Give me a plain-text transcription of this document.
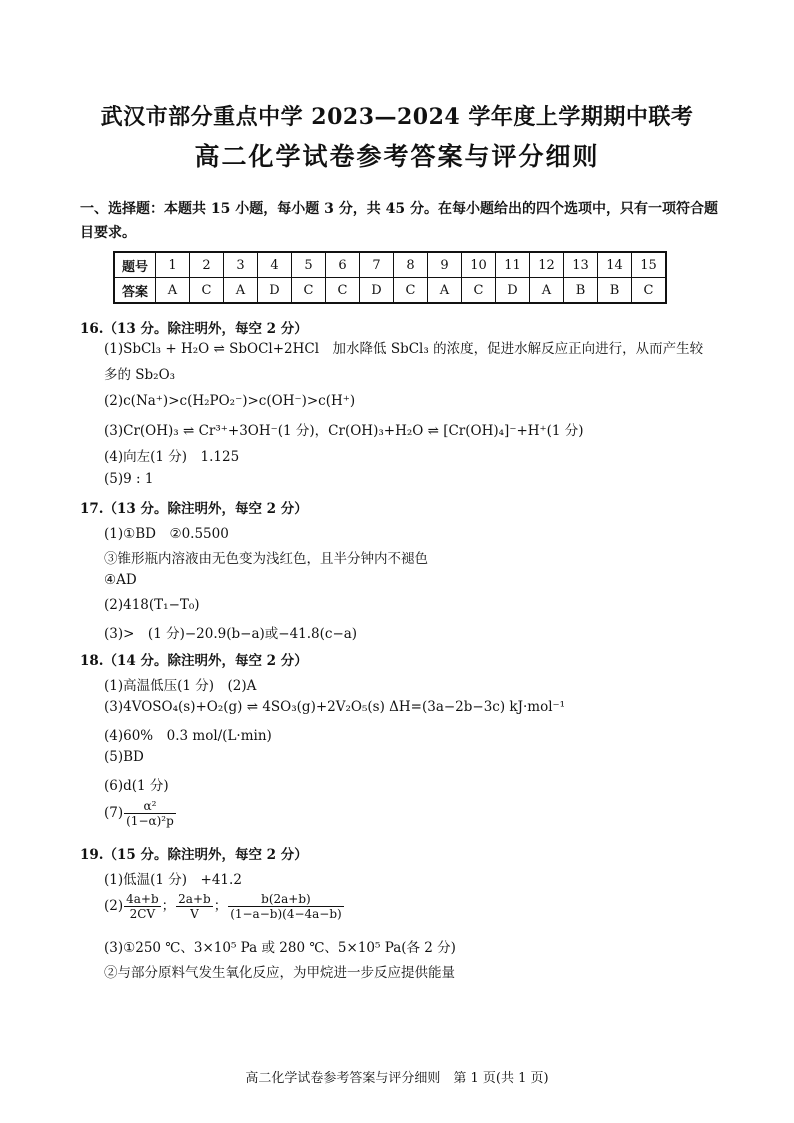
武汉市部分重点中学 2023—2024 学年度上学期期中联考
高二化学试卷参考答案与评分细则
一、选择题：本题共 15 小题，每小题 3 分，共 45 分。在每小题给出的四个选项中，只有一项符合题目要求。
题号	1	2	3	4	5	6	7	8	9	10	11	12	13	14	15
答案	A	C	A	D	C	C	D	C	A	C	D	A	B	B	C
16.（13 分。除注明外，每空 2 分）
(1)SbCl₃ + H₂O ⇌ SbOCl+2HCl　加水降低 SbCl₃ 的浓度，促进水解反应正向进行，从而产生较多的 Sb₂O₃
(2)c(Na⁺)>c(H₂PO₂⁻)>c(OH⁻)>c(H⁺)
(3)Cr(OH)₃ ⇌ Cr³⁺+3OH⁻(1 分)，Cr(OH)₃+H₂O ⇌ [Cr(OH)₄]⁻+H⁺(1 分)
(4)向左(1 分)　1.125
(5)9 : 1
17.（13 分。除注明外，每空 2 分）
(1)①BD　②0.5500
③锥形瓶内溶液由无色变为浅红色，且半分钟内不褪色
④AD
(2)418(T₁−T₀)
(3)>　(1 分)−20.9(b−a)或−41.8(c−a)
18.（14 分。除注明外，每空 2 分）
(1)高温低压(1 分)　(2)A
(3)4VOSO₄(s)+O₂(g) ⇌ 4SO₃(g)+2V₂O₅(s) ΔH=(3a−2b−3c) kJ·mol⁻¹
(4)60%　0.3 mol/(L·min)
(5)BD
(6)d(1 分)
$(7) \frac{\text{α²}}{\text{(1−α)²p}}$
19.（15 分。除注明外，每空 2 分）
(1)低温(1 分)　+41.2
$(2) \frac{4a+b}{2CV}$ ； $\frac{2a+b}{V}$ ； $\frac{b(2a+b)}{(1-a-b)(4-4a-b)}$
(3)①250 ℃、3×10⁵ Pa 或 280 ℃、5×10⁵ Pa(各 2 分)
②与部分原料气发生氧化反应，为甲烷进一步反应提供能量
高二化学试卷参考答案与评分细则　第 1 页(共 1 页)
